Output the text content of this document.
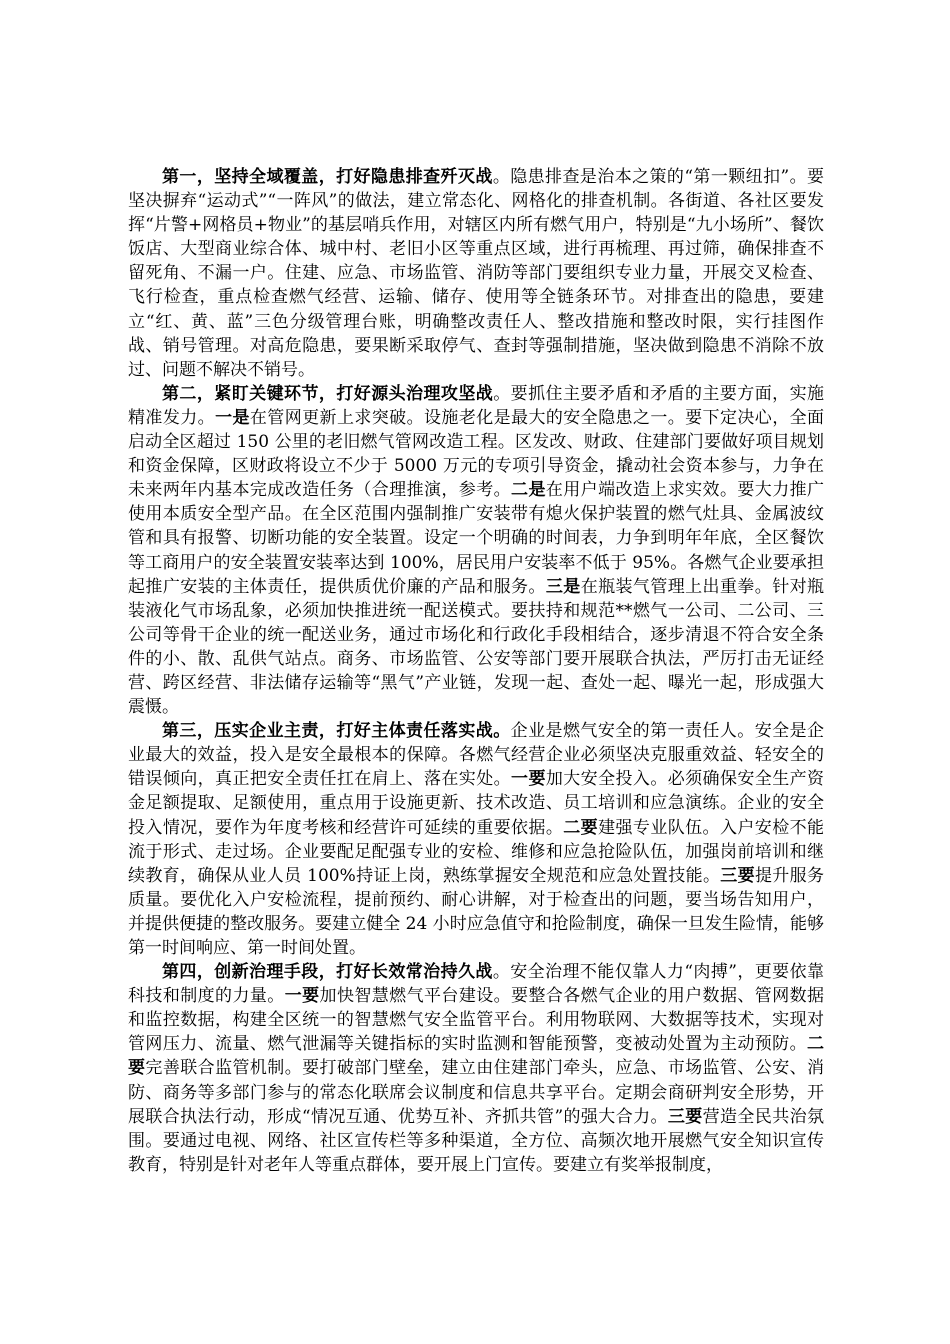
第一，坚持全域覆盖，打好隐患排查歼灭战。隐患排查是治本之策的“第一颗纽扣”。要坚决摒弃“运动式”“一阵风”的做法，建立常态化、网格化的排查机制。各街道、各社区要发挥“片警+网格员+物业”的基层哨兵作用，对辖区内所有燃气用户，特别是“九小场所”、餐饮饭店、大型商业综合体、城中村、老旧小区等重点区域，进行再梳理、再过筛，确保排查不留死角、不漏一户。住建、应急、市场监管、消防等部门要组织专业力量，开展交叉检查、飞行检查，重点检查燃气经营、运输、储存、使用等全链条环节。对排查出的隐患，要建立“红、黄、蓝”三色分级管理台账，明确整改责任人、整改措施和整改时限，实行挂图作战、销号管理。对高危隐患，要果断采取停气、查封等强制措施，坚决做到隐患不消除不放过、问题不解决不销号。

第二，紧盯关键环节，打好源头治理攻坚战。要抓住主要矛盾和矛盾的主要方面，实施精准发力。一是在管网更新上求突破。设施老化是最大的安全隐患之一。要下定决心，全面启动全区超过 150 公里的老旧燃气管网改造工程。区发改、财政、住建部门要做好项目规划和资金保障，区财政将设立不少于 5000 万元的专项引导资金，撬动社会资本参与，力争在未来两年内基本完成改造任务（合理推演，参考。二是在用户端改造上求实效。要大力推广使用本质安全型产品。在全区范围内强制推广安装带有熄火保护装置的燃气灶具、金属波纹管和具有报警、切断功能的安全装置。设定一个明确的时间表，力争到明年年底，全区餐饮等工商用户的安全装置安装率达到 100%，居民用户安装率不低于 95%。各燃气企业要承担起推广安装的主体责任，提供质优价廉的产品和服务。三是在瓶装气管理上出重拳。针对瓶装液化气市场乱象，必须加快推进统一配送模式。要扶持和规范**燃气一公司、二公司、三公司等骨干企业的统一配送业务，通过市场化和行政化手段相结合，逐步清退不符合安全条件的小、散、乱供气站点。商务、市场监管、公安等部门要开展联合执法，严厉打击无证经营、跨区经营、非法储存运输等“黑气”产业链，发现一起、查处一起、曝光一起，形成强大震慑。

第三，压实企业主责，打好主体责任落实战。企业是燃气安全的第一责任人。安全是企业最大的效益，投入是安全最根本的保障。各燃气经营企业必须坚决克服重效益、轻安全的错误倾向，真正把安全责任扛在肩上、落在实处。一要加大安全投入。必须确保安全生产资金足额提取、足额使用，重点用于设施更新、技术改造、员工培训和应急演练。企业的安全投入情况，要作为年度考核和经营许可延续的重要依据。二要建强专业队伍。入户安检不能流于形式、走过场。企业要配足配强专业的安检、维修和应急抢险队伍，加强岗前培训和继续教育，确保从业人员 100%持证上岗，熟练掌握安全规范和应急处置技能。三要提升服务质量。要优化入户安检流程，提前预约、耐心讲解，对于检查出的问题，要当场告知用户，并提供便捷的整改服务。要建立健全 24 小时应急值守和抢险制度，确保一旦发生险情，能够第一时间响应、第一时间处置。

第四，创新治理手段，打好长效常治持久战。安全治理不能仅靠人力“肉搏”，更要依靠科技和制度的力量。一要加快智慧燃气平台建设。要整合各燃气企业的用户数据、管网数据和监控数据，构建全区统一的智慧燃气安全监管平台。利用物联网、大数据等技术，实现对管网压力、流量、燃气泄漏等关键指标的实时监测和智能预警，变被动处置为主动预防。二要完善联合监管机制。要打破部门壁垒，建立由住建部门牵头，应急、市场监管、公安、消防、商务等多部门参与的常态化联席会议制度和信息共享平台。定期会商研判安全形势，开展联合执法行动，形成“情况互通、优势互补、齐抓共管”的强大合力。三要营造全民共治氛围。要通过电视、网络、社区宣传栏等多种渠道，全方位、高频次地开展燃气安全知识宣传教育，特别是针对老年人等重点群体，要开展上门宣传。要建立有奖举报制度，
